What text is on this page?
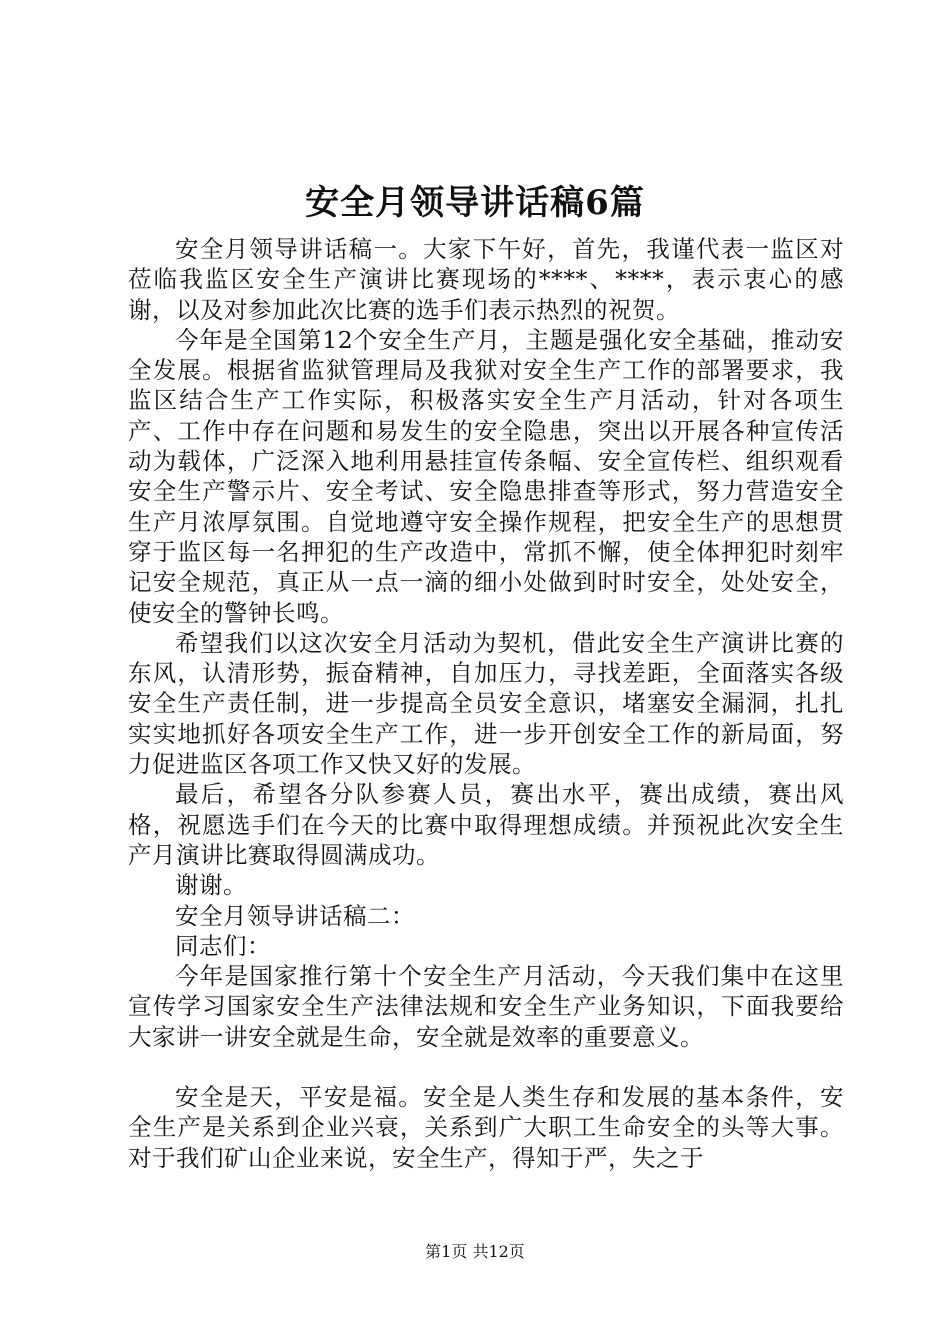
安全月领导讲话稿6篇

安全月领导讲话稿一。大家下午好，首先，我谨代表一监区对莅临我监区安全生产演讲比赛现场的****、****，表示衷心的感谢，以及对参加此次比赛的选手们表示热烈的祝贺。

今年是全国第12个安全生产月，主题是强化安全基础，推动安全发展。根据省监狱管理局及我狱对安全生产工作的部署要求，我监区结合生产工作实际，积极落实安全生产月活动，针对各项生产、工作中存在问题和易发生的安全隐患，突出以开展各种宣传活动为载体，广泛深入地利用悬挂宣传条幅、安全宣传栏、组织观看安全生产警示片、安全考试、安全隐患排查等形式，努力营造安全生产月浓厚氛围。自觉地遵守安全操作规程，把安全生产的思想贯穿于监区每一名押犯的生产改造中，常抓不懈，使全体押犯时刻牢记安全规范，真正从一点一滴的细小处做到时时安全，处处安全，使安全的警钟长鸣。

希望我们以这次安全月活动为契机，借此安全生产演讲比赛的东风，认清形势，振奋精神，自加压力，寻找差距，全面落实各级安全生产责任制，进一步提高全员安全意识，堵塞安全漏洞，扎扎实实地抓好各项安全生产工作，进一步开创安全工作的新局面，努力促进监区各项工作又快又好的发展。

最后，希望各分队参赛人员，赛出水平，赛出成绩，赛出风格，祝愿选手们在今天的比赛中取得理想成绩。并预祝此次安全生产月演讲比赛取得圆满成功。

谢谢。

安全月领导讲话稿二：

同志们：

今年是国家推行第十个安全生产月活动，今天我们集中在这里宣传学习国家安全生产法律法规和安全生产业务知识，下面我要给大家讲一讲安全就是生命，安全就是效率的重要意义。

安全是天，平安是福。安全是人类生存和发展的基本条件，安全生产是关系到企业兴衰，关系到广大职工生命安全的头等大事。对于我们矿山企业来说，安全生产，得知于严，失之于

第1页 共12页
